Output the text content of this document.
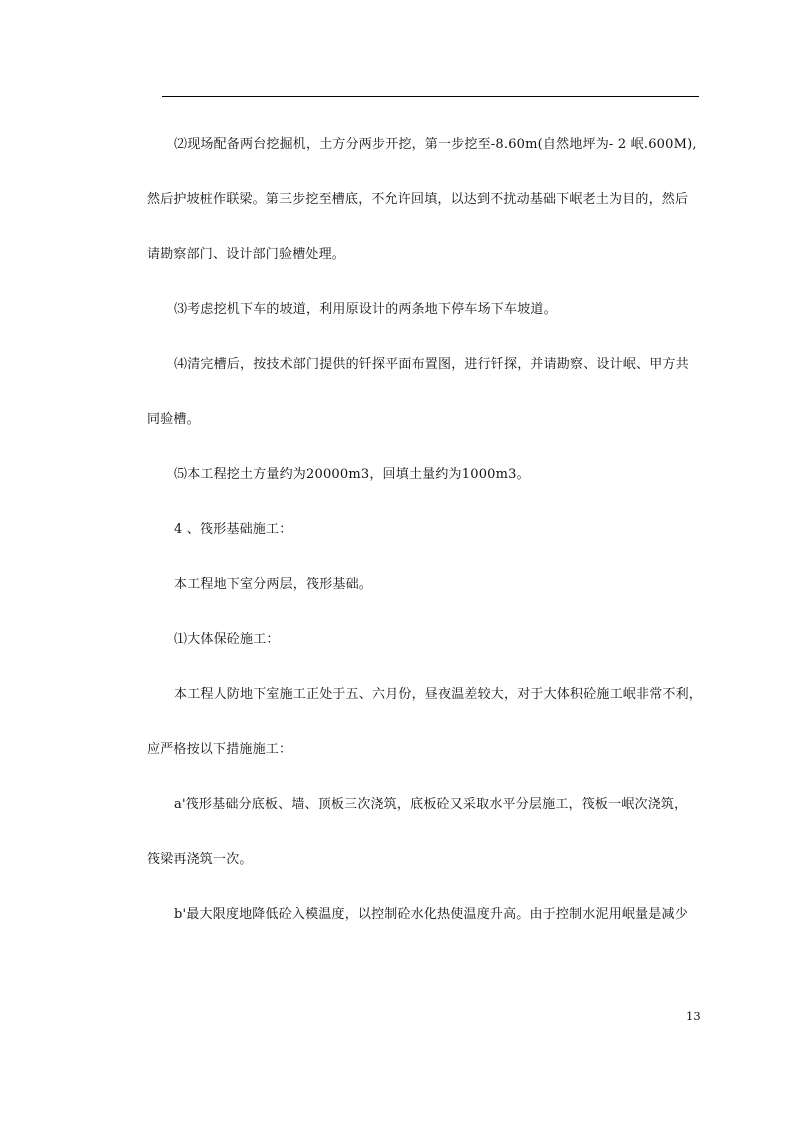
⑵现场配备两台挖掘机，土方分两步开挖，第一步挖至-8.60m(自然地坪为- 2 岷.600M),
然后护坡桩作联梁。第三步挖至槽底，不允许回填，以达到不扰动基础下岷老土为目的，然后
请勘察部门、设计部门验槽处理。
⑶考虑挖机下车的坡道，利用原设计的两条地下停车场下车坡道。
⑷清完槽后，按技术部门提供的钎探平面布置图，进行钎探，并请勘察、设计岷、甲方共
同验槽。
⑸本工程挖土方量约为20000m3，回填土量约为1000m3。
4 、筏形基础施工：
本工程地下室分两层，筏形基础。
⑴大体保砼施工：
本工程人防地下室施工正处于五、六月份，昼夜温差较大，对于大体积砼施工岷非常不利，
应严格按以下措施施工：
a'筏形基础分底板、墙、顶板三次浇筑，底板砼又采取水平分层施工，筏板一岷次浇筑，
筏梁再浇筑一次。
b'最大限度地降低砼入模温度，以控制砼水化热使温度升高。由于控制水泥用岷量是减少
13
